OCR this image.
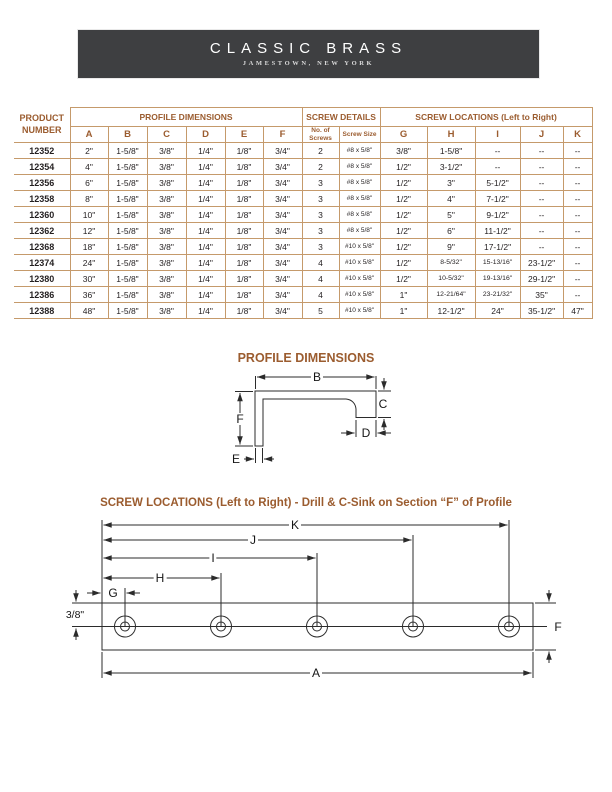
CLASSIC BRASS
JAMESTOWN, NEW YORK
PRODUCT NUMBER	PROFILE DIMENSIONS						SCREW DETAILS		SCREW LOCATIONS (Left to Right)				
	A	B	C	D	E	F	No. of Screws	Screw Size	G	H	I	J	K
12352	2"	1-5/8"	3/8"	1/4"	1/8"	3/4"	2	#8 x 5/8"	3/8"	1-5/8"	--	--	--
12354	4"	1-5/8"	3/8"	1/4"	1/8"	3/4"	2	#8 x 5/8"	1/2"	3-1/2"	--	--	--
12356	6"	1-5/8"	3/8"	1/4"	1/8"	3/4"	3	#8 x 5/8"	1/2"	3"	5-1/2"	--	--
12358	8"	1-5/8"	3/8"	1/4"	1/8"	3/4"	3	#8 x 5/8"	1/2"	4"	7-1/2"	--	--
12360	10"	1-5/8"	3/8"	1/4"	1/8"	3/4"	3	#8 x 5/8"	1/2"	5"	9-1/2"	--	--
12362	12"	1-5/8"	3/8"	1/4"	1/8"	3/4"	3	#8 x 5/8"	1/2"	6"	11-1/2"	--	--
12368	18"	1-5/8"	3/8"	1/4"	1/8"	3/4"	3	#10 x 5/8"	1/2"	9"	17-1/2"	--	--
12374	24"	1-5/8"	3/8"	1/4"	1/8"	3/4"	4	#10 x 5/8"	1/2"	8-5/32"	15-13/16"	23-1/2"	--
12380	30"	1-5/8"	3/8"	1/4"	1/8"	3/4"	4	#10 x 5/8"	1/2"	10-5/32"	19-13/16"	29-1/2"	--
12386	36"	1-5/8"	3/8"	1/4"	1/8"	3/4"	4	#10 x 5/8"	1"	12-21/64"	23-21/32"	35"	--
12388	48"	1-5/8"	3/8"	1/4"	1/8"	3/4"	5	#10 x 5/8"	1"	12-1/2"	24"	35-1/2"	47"
PROFILE DIMENSIONS
B
C
D
F
E
SCREW LOCATIONS (Left to Right) - Drill & C-Sink on Section “F” of Profile
K
J
I
H
G
3/8"
F
A
